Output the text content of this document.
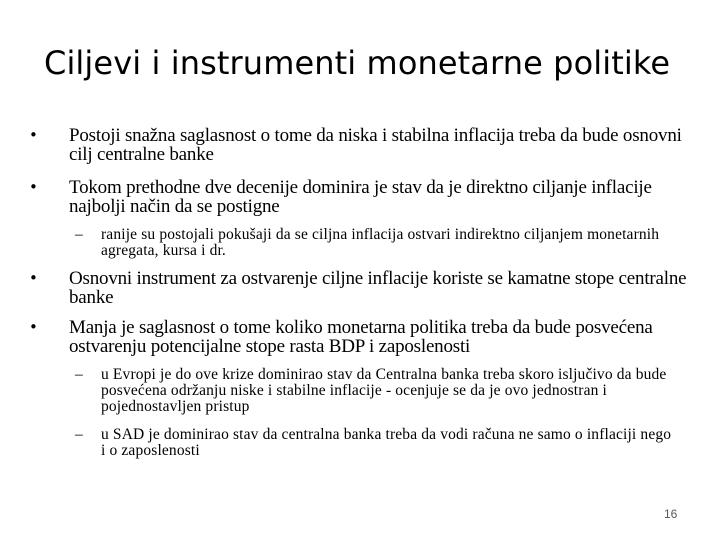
Ciljevi i instrumenti monetarne politike
• Postoji snažna saglasnost o tome da niska i stabilna inflacija treba da bude osnovni cilj centralne banke
• Tokom prethodne dve decenije dominira je stav da je direktno ciljanje inflacije najbolji način da se postigne
– ranije su postojali pokušaji da se ciljna inflacija ostvari indirektno ciljanjem monetarnih agregata, kursa i dr.
• Osnovni instrument za ostvarenje ciljne inflacije koriste se kamatne stope centralne banke
• Manja je saglasnost o tome koliko monetarna politika treba da bude posvećena ostvarenju potencijalne stope rasta BDP i zaposlenosti
– u Evropi je do ove krize dominirao stav da Centralna banka treba skoro isljučivo da bude posvećena održanju niske i stabilne inflacije - ocenjuje se da je ovo jednostran i pojednostavljen pristup
– u SAD je dominirao stav da centralna banka treba da vodi računa ne samo o inflaciji nego i o zaposlenosti
16
